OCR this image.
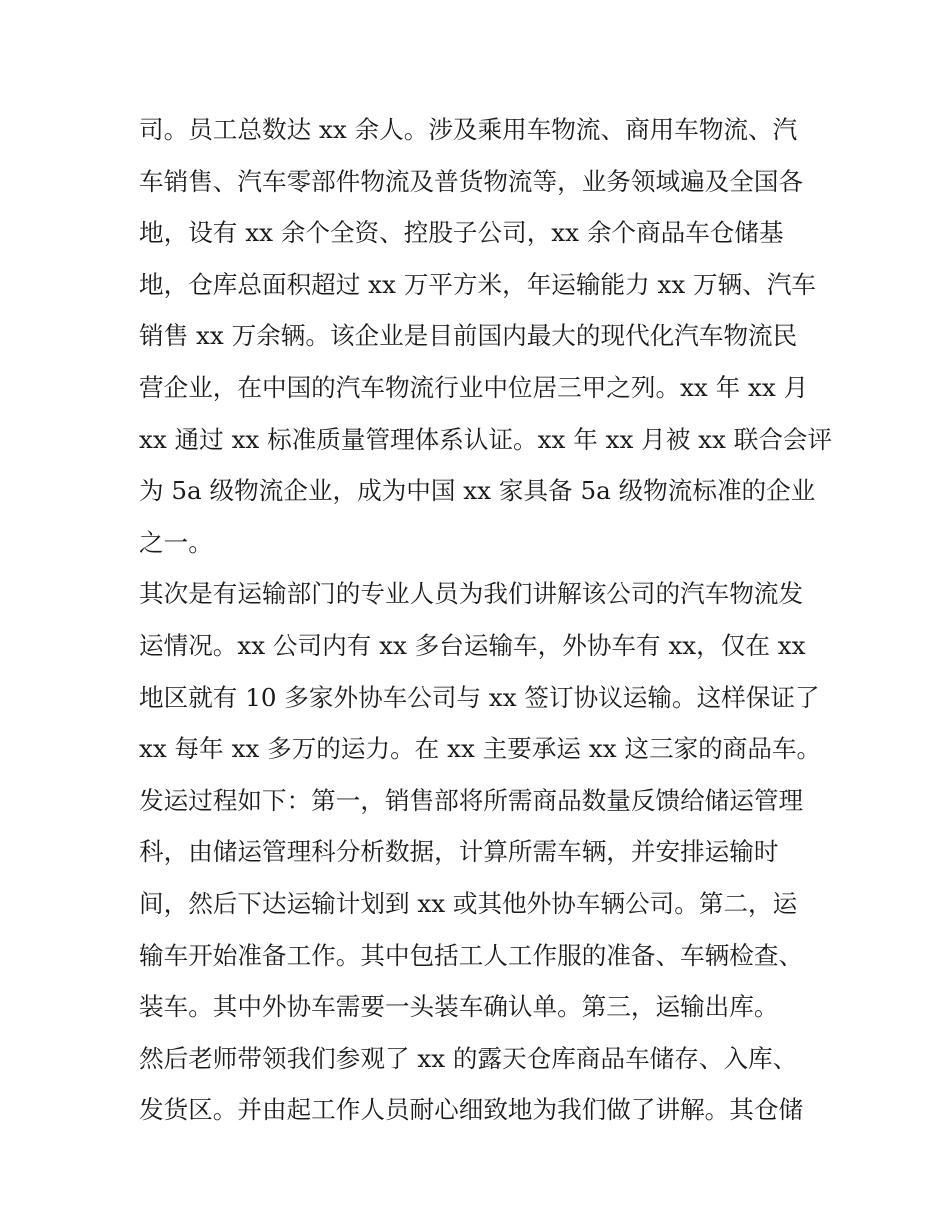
司。员工总数达 xx 余人。涉及乘用车物流、商用车物流、汽
车销售、汽车零部件物流及普货物流等，业务领域遍及全国各
地，设有 xx 余个全资、控股子公司，xx 余个商品车仓储基
地，仓库总面积超过 xx 万平方米，年运输能力 xx 万辆、汽车
销售 xx 万余辆。该企业是目前国内最大的现代化汽车物流民
营企业，在中国的汽车物流行业中位居三甲之列。xx 年 xx 月
xx 通过 xx 标准质量管理体系认证。xx 年 xx 月被 xx 联合会评
为 5a 级物流企业，成为中国 xx 家具备 5a 级物流标准的企业
之一。
其次是有运输部门的专业人员为我们讲解该公司的汽车物流发
运情况。xx 公司内有 xx 多台运输车，外协车有 xx，仅在 xx
地区就有 10 多家外协车公司与 xx 签订协议运输。这样保证了
xx 每年 xx 多万的运力。在 xx 主要承运 xx 这三家的商品车。
发运过程如下：第一，销售部将所需商品数量反馈给储运管理
科，由储运管理科分析数据，计算所需车辆，并安排运输时
间，然后下达运输计划到 xx 或其他外协车辆公司。第二，运
输车开始准备工作。其中包括工人工作服的准备、车辆检查、
装车。其中外协车需要一头装车确认单。第三，运输出库。
然后老师带领我们参观了 xx 的露天仓库商品车储存、入库、
发货区。并由起工作人员耐心细致地为我们做了讲解。其仓储
